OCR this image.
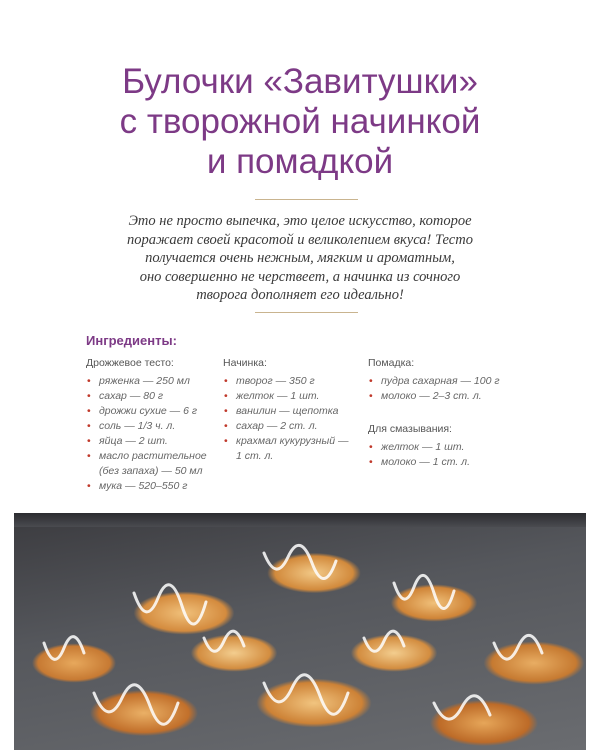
Булочки «Завитушки»
с творожной начинкой
и помадкой

Это не просто выпечка, это целое искусство, которое
поражает своей красотой и великолепием вкуса! Тесто
получается очень нежным, мягким и ароматным,
оно совершенно не черствеет, а начинка из сочного
творога дополняет его идеально!

Ингредиенты:

Дрожжевое тесто:

• ряженка — 250 мл
• сахар — 80 г
• дрожжи сухие — 6 г
• соль — 1/3 ч. л.
• яйца — 2 шт.
• масло растительное
(без запаха) — 50 мл
• мука — 520–550 г

Начинка:

• творог — 350 г
• желток — 1 шт.
• ванилин — щепотка
• сахар — 2 ст. л.
• крахмал кукурузный —
1 ст. л.

Помадка:

• пудра сахарная — 100 г
• молоко — 2–3 ст. л.

Для смазывания:

• желток — 1 шт.
• молоко — 1 ст. л.
